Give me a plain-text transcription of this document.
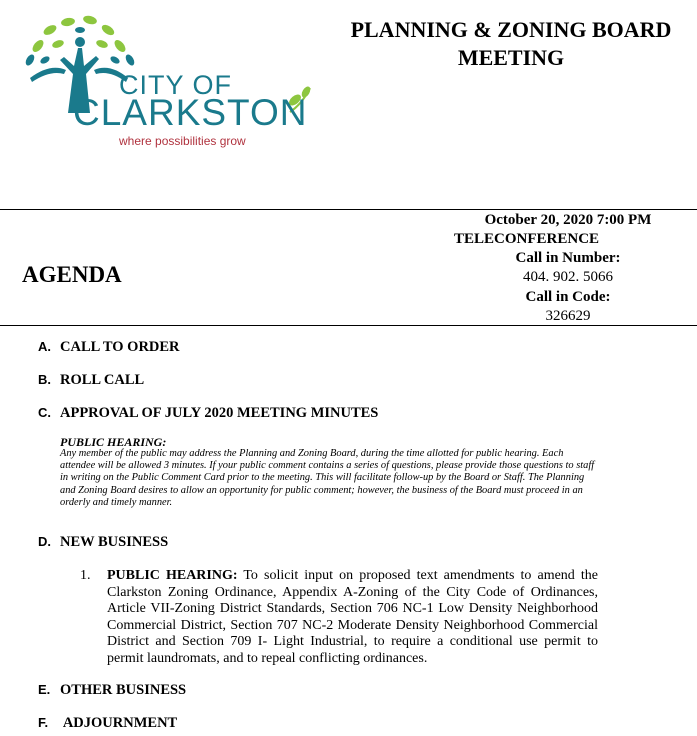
CITY OF
CLARKSTON
where possibilities grow
PLANNING & ZONING BOARD
MEETING
AGENDA
October 20, 2020 7:00 PM
TELECONFERENCE
Call in Number:
404. 902. 5066
Call in Code:
326629
A. CALL TO ORDER
B. ROLL CALL
C. APPROVAL OF JULY 2020 MEETING MINUTES
PUBLIC HEARING:
Any member of the public may address the Planning and Zoning Board, during the time allotted for public hearing. Each attendee will be allowed 3 minutes. If your public comment contains a series of questions, please provide those questions to staff in writing on the Public Comment Card prior to the meeting. This will facilitate follow-up by the Board or Staff. The Planning and Zoning Board desires to allow an opportunity for public comment; however, the business of the Board must proceed in an orderly and timely manner.
D. NEW BUSINESS
1. PUBLIC HEARING: To solicit input on proposed text amendments to amend the Clarkston Zoning Ordinance, Appendix A-Zoning of the City Code of Ordinances, Article VII-Zoning District Standards, Section 706 NC-1 Low Density Neighborhood Commercial District, Section 707 NC-2 Moderate Density Neighborhood Commercial District and Section 709 I- Light Industrial, to require a conditional use permit to permit laundromats, and to repeal conflicting ordinances.
E. OTHER BUSINESS
F. ADJOURNMENT
